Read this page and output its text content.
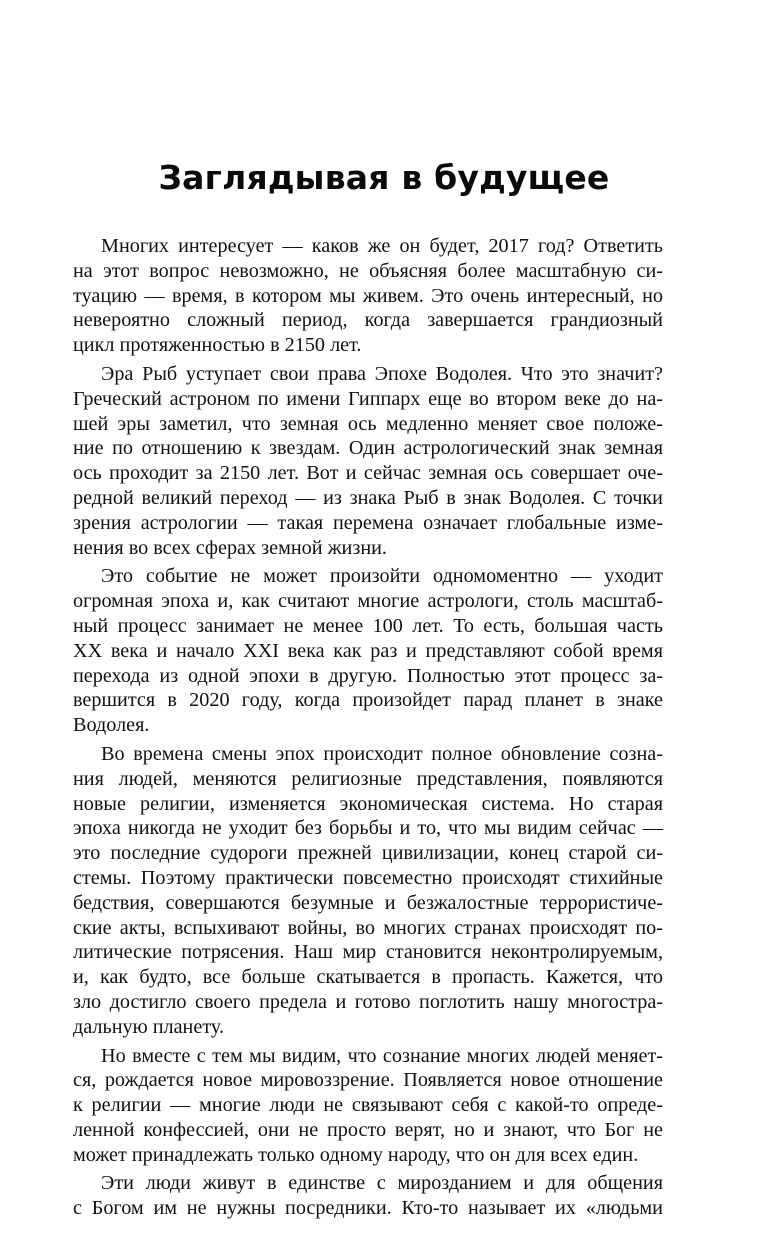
Заглядывая в будущее
Многих интересует — каков же он будет, 2017 год? Ответить
на этот вопрос невозможно, не объясняя более масштабную си-
туацию — время, в котором мы живем. Это очень интересный, но
невероятно сложный период, когда завершается грандиозный
цикл протяженностью в 2150 лет.
Эра Рыб уступает свои права Эпохе Водолея. Что это значит?
Греческий астроном по имени Гиппарх еще во втором веке до на-
шей эры заметил, что земная ось медленно меняет свое положе-
ние по отношению к звездам. Один астрологический знак земная
ось проходит за 2150 лет. Вот и сейчас земная ось совершает оче-
редной великий переход — из знака Рыб в знак Водолея. С точки
зрения астрологии — такая перемена означает глобальные изме-
нения во всех сферах земной жизни.
Это событие не может произойти одномоментно — уходит
огромная эпоха и, как считают многие астрологи, столь масштаб-
ный процесс занимает не менее 100 лет. То есть, большая часть
XX века и начало XXI века как раз и представляют собой время
перехода из одной эпохи в другую. Полностью этот процесс за-
вершится в 2020 году, когда произойдет парад планет в знаке
Водолея.
Во времена смены эпох происходит полное обновление созна-
ния людей, меняются религиозные представления, появляются
новые религии, изменяется экономическая система. Но старая
эпоха никогда не уходит без борьбы и то, что мы видим сейчас —
это последние судороги прежней цивилизации, конец старой си-
стемы. Поэтому практически повсеместно происходят стихийные
бедствия, совершаются безумные и безжалостные террористиче-
ские акты, вспыхивают войны, во многих странах происходят по-
литические потрясения. Наш мир становится неконтролируемым,
и, как будто, все больше скатывается в пропасть. Кажется, что
зло достигло своего предела и готово поглотить нашу многостра-
дальную планету.
Но вместе с тем мы видим, что сознание многих людей меняет-
ся, рождается новое мировоззрение. Появляется новое отношение
к религии — многие люди не связывают себя с какой-то опреде-
ленной конфессией, они не просто верят, но и знают, что Бог не
может принадлежать только одному народу, что он для всех един.
Эти люди живут в единстве с мирозданием и для общения
с Богом им не нужны посредники. Кто-то называет их «людьми
